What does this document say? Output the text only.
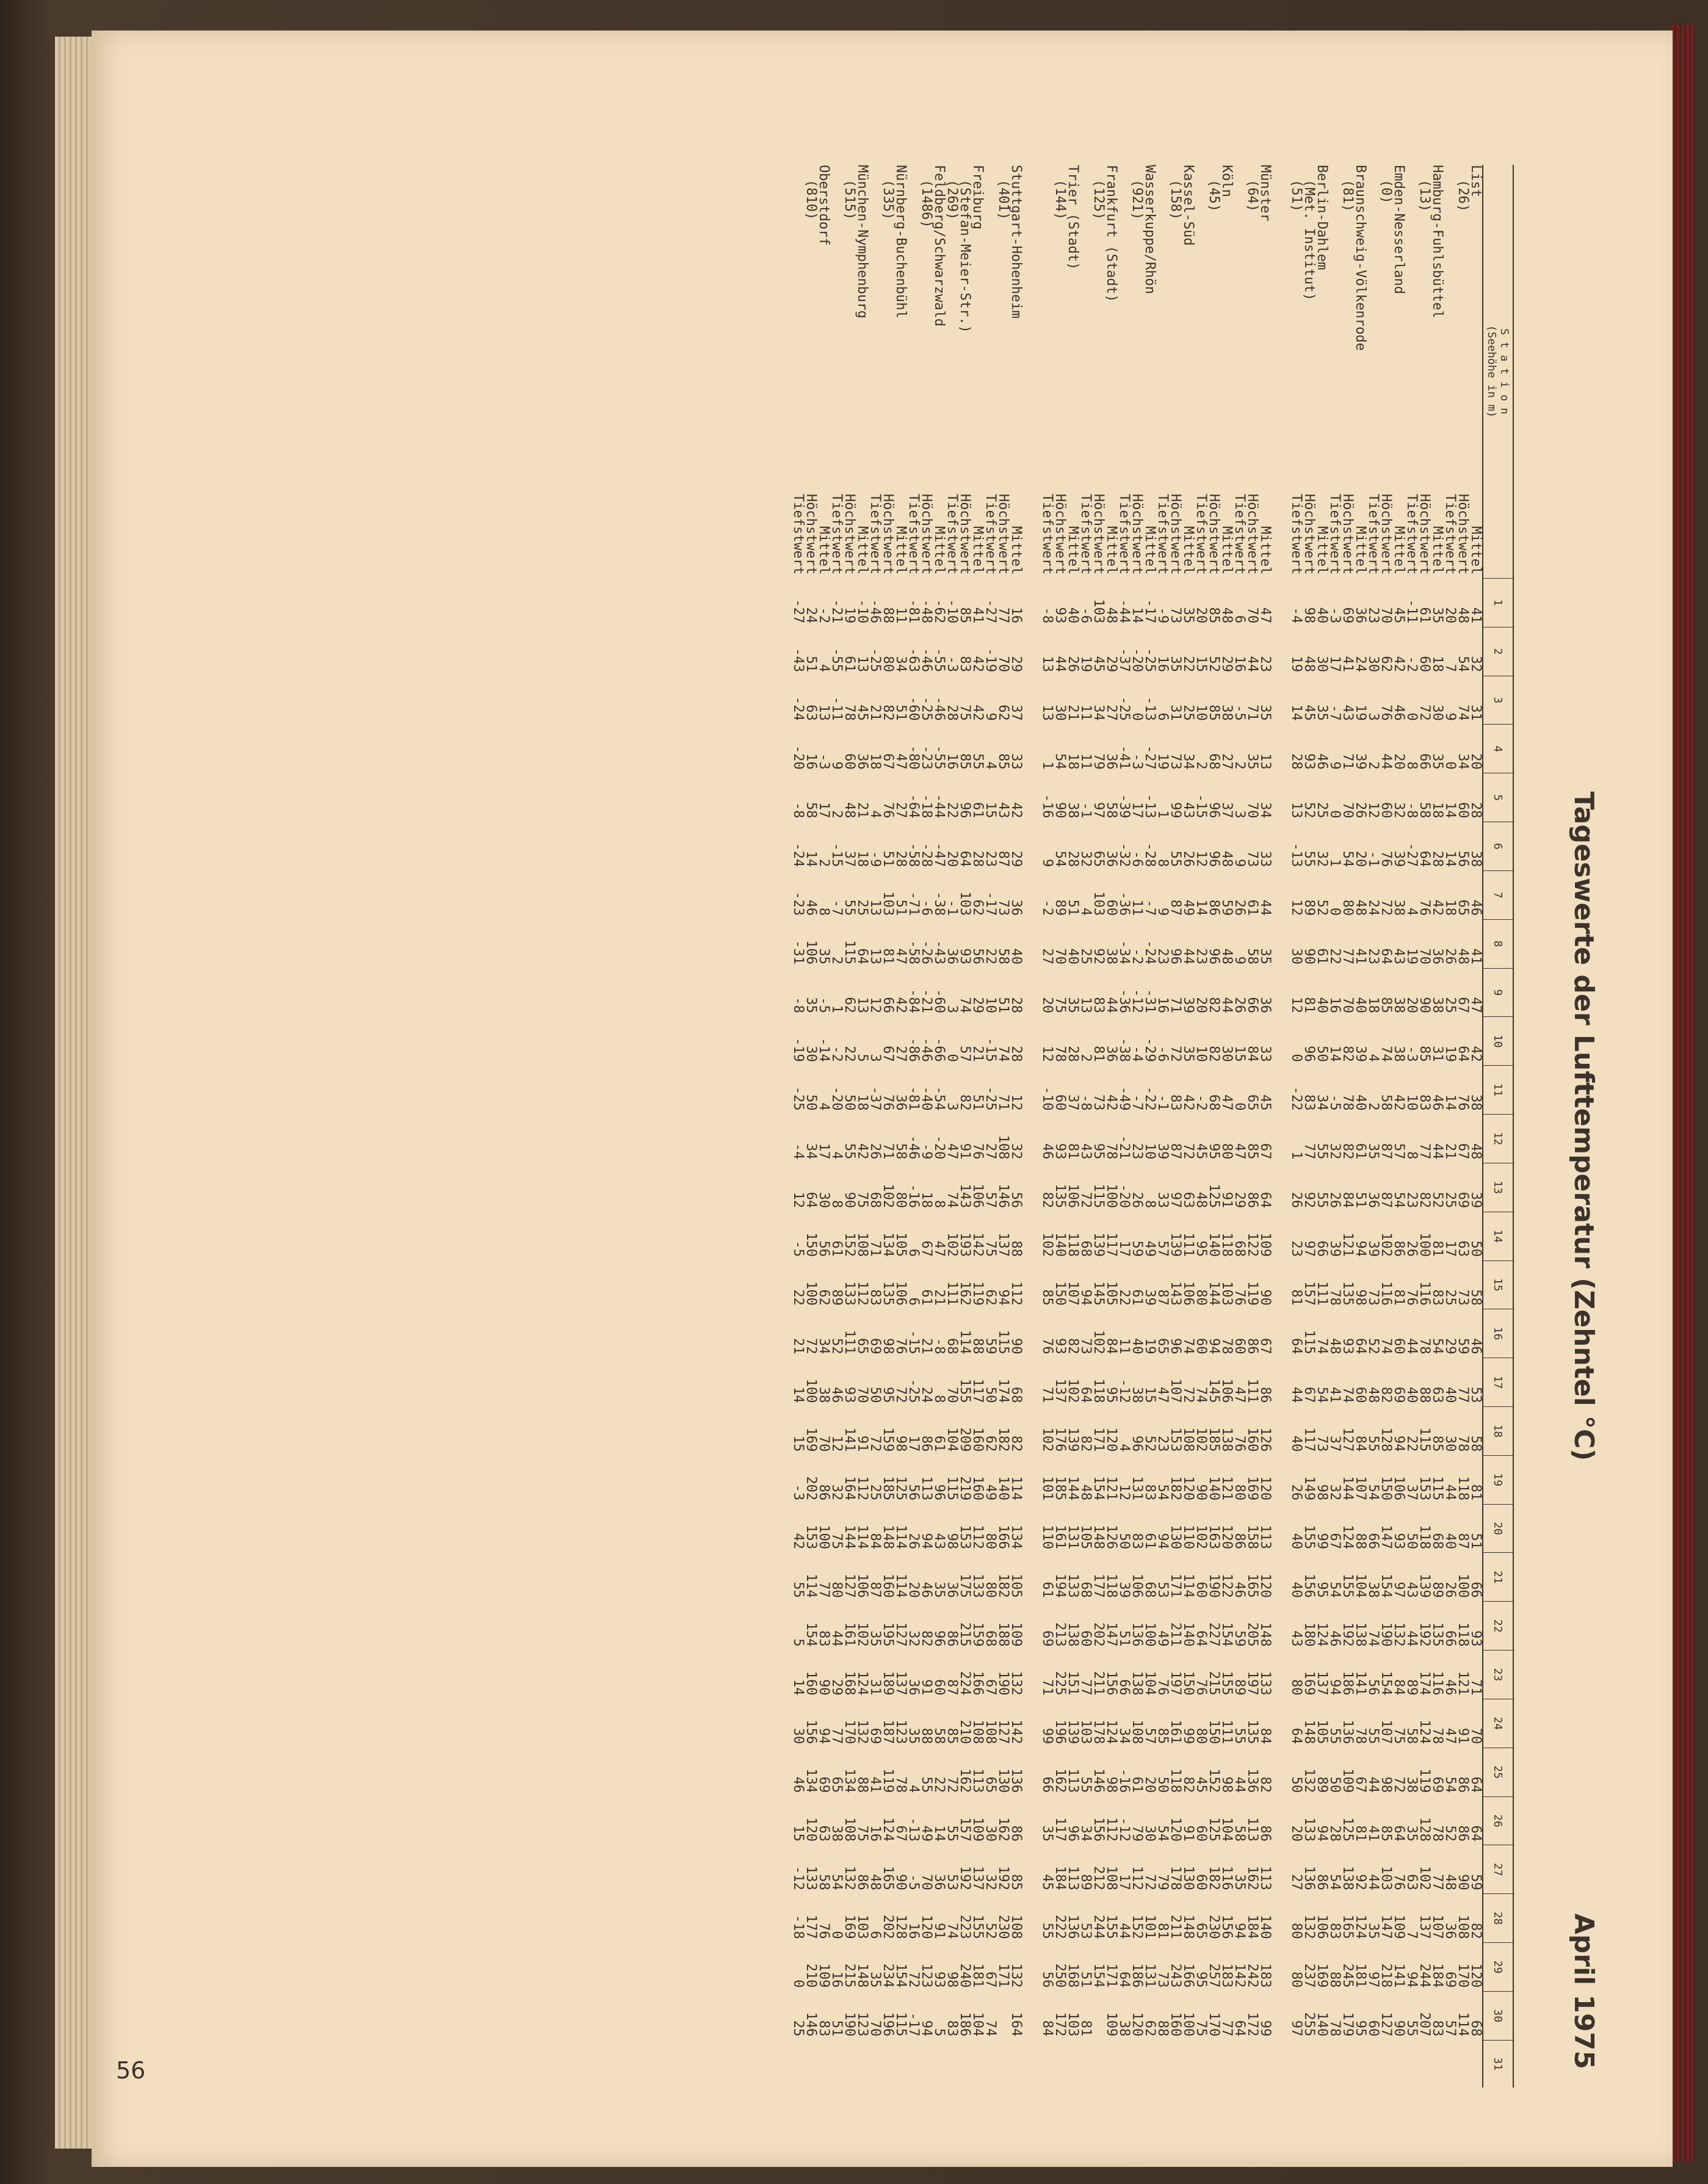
Tageswerte der Lufttemperatur (Zehntel °C)
April 1975
S t a t i o n
(Seehöhe in m)		1	2	3	4	5	6	7	8	9	10	11	12	13	14	15	16	17	18	19	20	21	22	23	24	25	26	27	28	29	30	31
List	Mittel	41	32	31	20	28	38	46	41	47	42	38	48	39	50	58	46	53	58	81	51	66	93	71	70	64	64	59	82	120	68	
(26)	Höchstwert	48	54	74	34	60	56	65	48	67	64	76	67	69	63	73	59	77	78	118	87	100	118	121	91	86	86	90	108	170	114	
	Tiefstwert	20	7	9	0	14	14	18	26	25	19	14	21	25	17	25	29	40	30	44	40	26	66	46	47	54	52	48	36	69	57	
Hamburg-Fuhlsbüttel	Mittel	35	18	30	35	18	28	42	36	38	31	46	44	52	81	83	54	63	85	115	68	89	135	116	78	69	78	77	107	184	83	
(13)	Höchstwert	61	60	72	66	58	64	76	70	90	85	83	77	82	100	116	78	88	115	153	118	139	192	174	124	119	128	102	137	244	207	
	Tiefstwert	-11	-2	0	8	-8	-27	4	19	20	-3	10	8	23	26	76	44	40	22	37	50	43	44	89	58	38	35	63	7	94	55	
Emden-Nesserland	Mittel	45	42	46	20	32	39	38	43	38	38	42	57	54	86	81	60	69	94	106	93	97	132	84	75	72	64	76	109	141	90	
(0)	Höchstwert	70	62	76	44	60	76	72	64	85	74	58	87	87	102	116	74	82	128	150	147	154	190	154	107	98	85	103	147	218	127	
	Tiefstwert	23	30	3	2	12	-1	24	23	18	4	2	35	36	39	73	52	48	55	54	66	38	74	56	55	44	41	44	35	97	60	
Braunschweig-Völkenrode	Mittel	36	24	19	39	26	20	48	41	40	39	40	61	51	94	98	64	60	84	107	88	104	138	141	78	67	81	92	124	181	95	
(81)	Höchstwert	69	41	43	71	70	54	80	77	70	82	78	82	84	121	135	93	74	127	144	124	155	192	186	136	109	125	138	165	245	179	
	Tiefstwert	-3	17	-7	9	0	1	0	22	16	14	-5	32	26	39	78	48	41	37	32	67	54	46	94	55	50	28	54	83	88	78	
Berlin-Dahlem	Mittel	40	30	35	46	25	32	52	61	40	50	34	55	55	66	111	74	54	73	98	99	95	124	137	105	89	94	86	106	169	140	
(Met. Institut)	Höchstwert	98	48	45	93	52	55	89	90	81	96	83	77	92	97	157	115	67	117	149	155	156	180	169	148	132	133	136	132	237	255	
(51)	Tiefstwert	-4	19	14	28	13	-13	12	30	12	0	-22	1	26	23	81	64	44	40	26	40	40	43	80	64	50	20	27	80	80	97	

Münster	Mittel	47	23	35	13	34	33	44	35	36	33	45	67	64	109	90	67	86	126	120	113	120	148	133	84	82	86	113	140	183	99	
(64)	Höchstwert	70	44	71	35	70	73	61	58	66	84	65	85	86	122	119	86	111	160	169	158	165	205	197	135	136	113	162	184	242	172	
	Tiefstwert	6	16	-5	2	3	9	26	9	26	15	0	47	29	68	76	60	47	76	80	86	46	59	89	55	44	58	35	94	142	64	
Köln	Mittel	48	29	38	27	37	48	59	48	44	30	47	80	91	118	103	78	106	138	121	120	122	154	155	111	98	104	116	156	183	77	
(45)	Höchstwert	85	52	85	68	96	96	86	96	82	82	68	95	125	140	144	94	145	185	140	163	190	227	215	150	152	125	182	230	257	170	
	Tiefstwert	20	15	10	2	-15	12	14	23	20	10	-2	45	48	95	80	60	74	102	90	102	60	64	76	80	45	60	60	65	95	75	
Kassel-Süd	Mittel	35	22	25	34	43	26	49	44	39	35	42	72	63	111	106	74	72	108	120	110	114	140	150	99	82	91	130	148	166	100	
(158)	Höchstwert	73	35	31	73	99	55	87	96	71	72	83	87	97	139	143	96	107	153	182	130	171	211	197	161	118	120	178	211	243	160	
	Tiefstwert	-9	16	6	19	1	8	9	23	16	-6	-1	39	33	57	87	65	47	23	54	94	53	49	76	85	50	54	79	81	73	88	
Wasserkuppe/Rhön	Mittel	-17	-25	-13	-27	-13	-28	-7	-24	-31	-29	-22	10	8	49	39	19	15	52	83	61	68	100	104	57	20	30	72	101	131	62	
(921)	Höchstwert	14	-20	0	-3	17	-6	11	-2	-12	-4	-7	23	26	59	61	40	38	96	131	83	106	136	138	108	61	79	112	152	186	120	
	Tiefstwert	-44	-37	-25	-41	-39	-32	-36	-34	-36	-38	-49	-21	-20	17	22	11	-12	4	12	50	39	51	66	34	-16	-12	17	44	64	38	
Frankfurt (Stadt)	Mittel	48	29	27	36	58	36	60	38	44	36	42	78	100	117	105	84	95	120	121	126	118	147	156	124	98	112	108	155	171	109	
(125)	Höchstwert	103	45	34	79	97	65	103	92	83	81	73	95	115	139	145	102	118	171	154	148	177	202	211	178	146	156	212	244	154		
	Tiefstwert	-6	19	11	11	-1	32	4	25	13	2	-8	43	72	68	94	73	64	82	48	105	68	60	77	103	55	34	89	53	51	81	
Trier (Stadt)	Mittel	40	26	21	18	38	28	51	40	35	28	37	81	106	118	107	82	102	139	144	131	133	138	151	139	113	96	113	136	168	103	
(144)	Höchstwert	93	44	30	54	90	54	89	70	75	78	60	93	135	140	150	93	137	176	185	161	194	213	225	196	162	117	184	222	250	172	
	Tiefstwert	-8	13	13	1	-16	9	-2	27	20	12	-10	46	82	102	85	76	71	102	101	110	61	69	71	99	66	35	45	55	56	84	

Stuttgart-Hohenheim	Mittel	16	29	37	33	42	29	36	40	28	28	12	32	56	88	112	90	68	82	114	134	105	109	132	142	136	86	85	108	132	164	
(401)	Höchstwert	77	70	62	85	43	87	73	58	51	74	71	108	146	137	94	115	174	182	140	166	182	188	190	127	130	162	192	230	171		
	Tiefstwert	-27	-19	9	4	15	23	-17	22	10	-15	-25	27	57	75	62	59	50	62	49	80	80	68	67	108	65	30	32	52	67	74	
Freiburg	Mittel	41	42	42	55	61	28	62	56	29	21	51	76	106	142	119	88	117	160	160	112	133	159	166	108	113	109	137	155	181	104	
(Stefan-Meier-Str.)	Höchstwert	85	83	75	85	96	64	103	93	74	57	82	91	143	193	162	114	155	209	219	153	175	215	224	210	162	157	192	223	240	186	
(269)	Tiefstwert	-10	-3	28	16	22	20	-1	36	3	0	3	47	74	102	111	68	70	104	115	98	36	86	87	85	72	55	53	74	98	83	
Feldberg/Schwarzwald	Mittel	-62	-55	-46	-55	-44	-47	-38	-43	-60	-66	-54	-20	8	47	21	-8	8	61	96	43	35	96	60	58	22	14	36	91	93	5	
(1486)	Höchstwert	-48	-46	-25	-23	-18	-28	-6	-26	-21	-46	-40	-9	18	67	61	21	24	86	113	94	46	82	91	88	55	49	70	120	123	94	
	Tiefstwert	-81	-63	-60	-80	-64	-58	-71	-58	-84	-86	-81	-46	-16	6	6	-15	-25	17	56	26	20	32	36	35	4	-13	-5	16	72	-17	
Nürnberg-Buchenbühl	Mittel	11	34	51	47	27	28	51	47	42	27	36	58	80	105	106	76	72	98	125	114	114	127	137	123	78	67	90	128	154	115	
(335)	Höchstwert	88	80	82	67	76	51	103	81	66	67	76	71	102	134	135	98	95	159	185	148	160	195	189	187	119	124	165	202	234	196	
	Tiefstwert	-46	-25	21	18	4	-9	13	13	12	3	-37	26	68	71	83	69	50	72	25	84	87	35	31	69	41	16	48	6	35	70	
München-Nymphenburg	Mittel	-10	13	45	36	21	18	25	64	13	5	18	42	75	108	112	65	70	91	112	114	106	102	124	132	88	75	86	103	148	123	
(515)	Höchstwert	19	61	78	60	48	37	55	115	62	22	50	55	90	152	133	111	93	141	164	144	127	161	168	170	134	108	132	169	215	190	
	Tiefstwert	-21	-55	-11	9	2	-15	-7	2	1	-2	-20	4	8	61	89	52	46	12	32	75	80	44	29	77	65	38	54	0	16	51	
Oberstdorf	Mittel	-2	4	13	-3	17	2	8	35	-5	-14	4	17	30	56	62	34	38	70	86	100	77	83	90	94	69	63	58	76	109	83	
(810)	Höchstwert	24	51	63	16	58	14	46	106	35	30	50	34	64	150	100	72	100	169	202	153	114	154	160	156	134	120	133	177	210	146	
	Tiefstwert	-27	-43	-24	-20	-8	-24	-23	-31	-8	-19	-25	-4	12	-5	22	21	14	15	-3	42	55	5	14	30	46	15	-12	-18	0	25	
56
